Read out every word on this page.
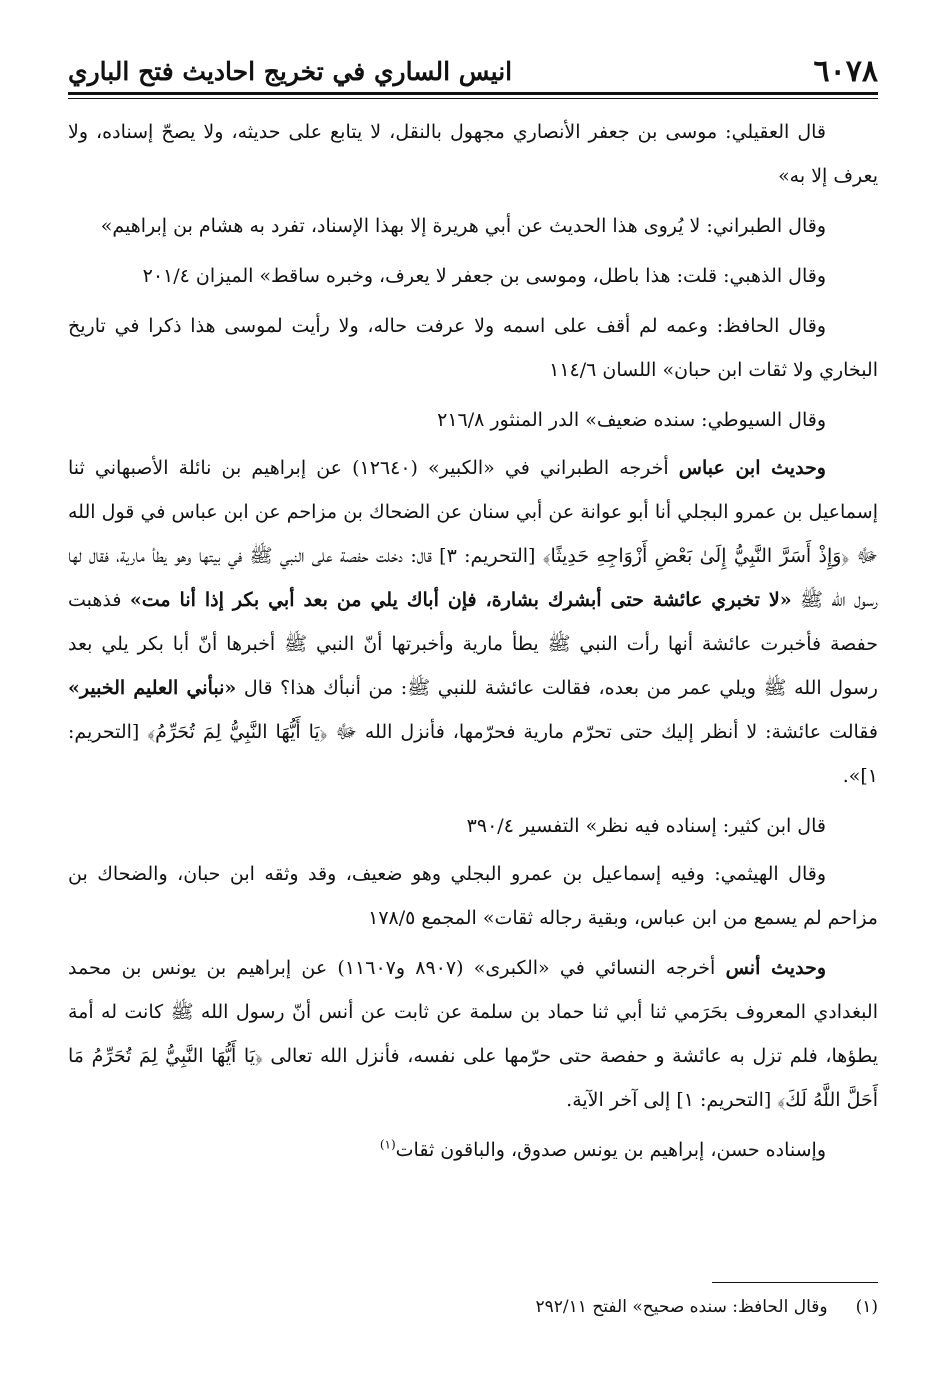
٦٠٧٨
انيس الساري في تخريج احاديث فتح الباري

قال العقيلي: موسى بن جعفر الأنصاري مجهول بالنقل، لا يتابع على حديثه، ولا يصحّ إسناده، ولا يعرف إلا به»

وقال الطبراني: لا يُروى هذا الحديث عن أبي هريرة إلا بهذا الإسناد، تفرد به هشام بن إبراهيم»

وقال الذهبي: قلت: هذا باطل، وموسى بن جعفر لا يعرف، وخبره ساقط» الميزان ٢٠١/٤

وقال الحافظ: وعمه لم أقف على اسمه ولا عرفت حاله، ولا رأيت لموسى هذا ذكرا في تاريخ البخاري ولا ثقات ابن حبان» اللسان ١١٤/٦

وقال السيوطي: سنده ضعيف» الدر المنثور ٢١٦/٨

وحديث ابن عباس أخرجه الطبراني في «الكبير» (١٢٦٤٠) عن إبراهيم بن نائلة الأصبهاني ثنا إسماعيل بن عمرو البجلي أنا أبو عوانة عن أبي سنان عن الضحاك بن مزاحم عن ابن عباس في قول الله ﷻ ﴿وَإِذْ أَسَرَّ النَّبِيُّ إِلَىٰ بَعْضِ أَزْوَاجِهِ حَدِيثًا﴾ [التحريم: ٣] قال: دخلت حفصة على النبي ﷺ في بيتها وهو يطأ مارية، فقال لها رسول الله ﷺ «لا تخبري عائشة حتى أبشرك بشارة، فإن أباك يلي من بعد أبي بكر إذا أنا مت» فذهبت حفصة فأخبرت عائشة أنها رأت النبي ﷺ يطأ مارية وأخبرتها أنّ النبي ﷺ أخبرها أنّ أبا بكر يلي بعد رسول الله ﷺ ويلي عمر من بعده، فقالت عائشة للنبي ﷺ: من أنبأك هذا؟ قال «نبأني العليم الخبير» فقالت عائشة: لا أنظر إليك حتى تحرّم مارية فحرّمها، فأنزل الله ﷻ ﴿يَا أَيُّهَا النَّبِيُّ لِمَ تُحَرِّمُ﴾ [التحريم: ١]».

قال ابن كثير: إسناده فيه نظر» التفسير ٣٩٠/٤

وقال الهيثمي: وفيه إسماعيل بن عمرو البجلي وهو ضعيف، وقد وثقه ابن حبان، والضحاك بن مزاحم لم يسمع من ابن عباس، وبقية رجاله ثقات» المجمع ١٧٨/٥

وحديث أنس أخرجه النسائي في «الكبرى» (٨٩٠٧ و١١٦٠٧) عن إبراهيم بن يونس بن محمد البغدادي المعروف بحَرَمي ثنا أبي ثنا حماد بن سلمة عن ثابت عن أنس أنّ رسول الله ﷺ كانت له أمة يطؤها، فلم تزل به عائشة و حفصة حتى حرّمها على نفسه، فأنزل الله تعالى ﴿يَا أَيُّهَا النَّبِيُّ لِمَ تُحَرِّمُ مَا أَحَلَّ اللَّهُ لَكَ﴾ [التحريم: ١] إلى آخر الآية.

وإسناده حسن، إبراهيم بن يونس صدوق، والباقون ثقات$^{(١)}$

(١)وقال الحافظ: سنده صحيح» الفتح ٢٩٢/١١
